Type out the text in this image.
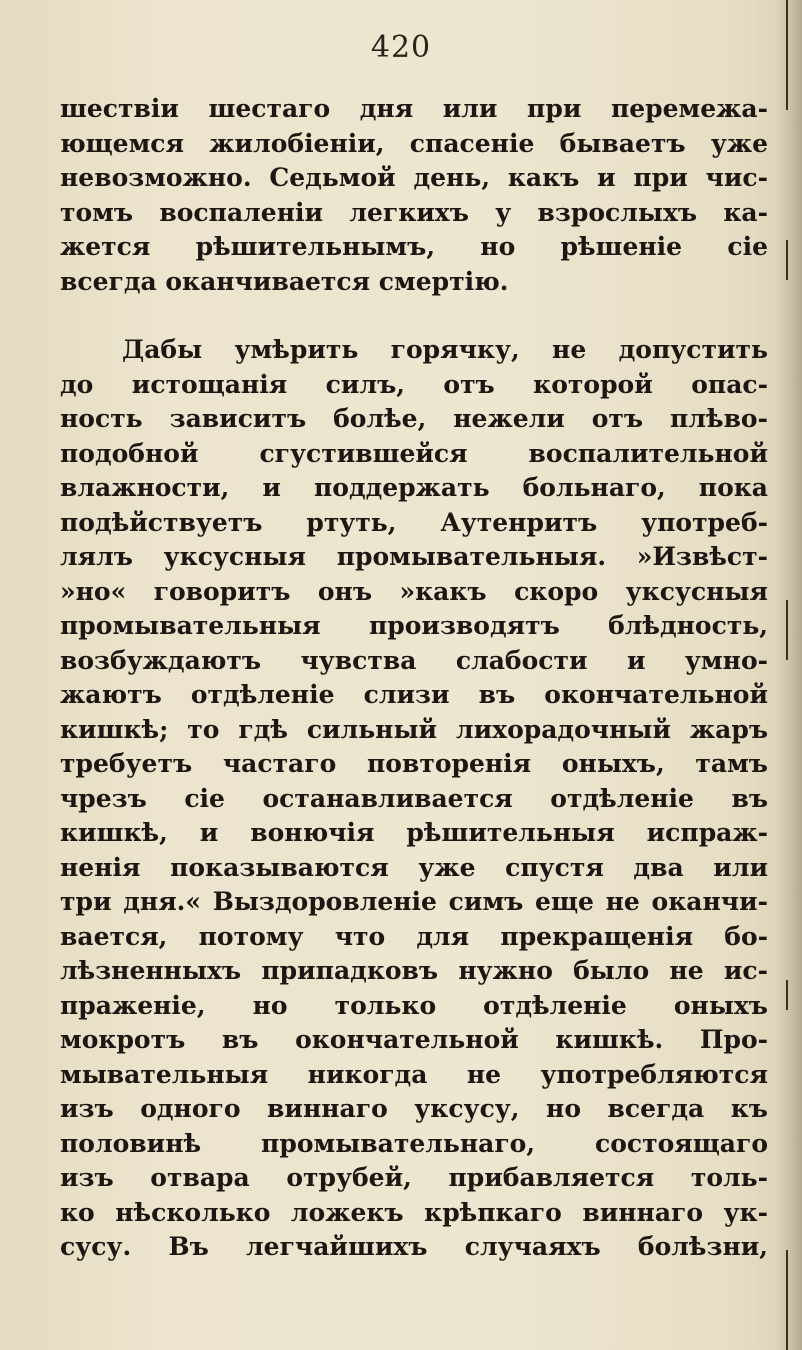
420
шествіи шестаго дня или при перемежа-
ющемся жилобіеніи, спасеніе бываетъ уже
невозможно. Седьмой день, какъ и при чис-
томъ воспаленіи легкихъ у взрослыхъ ка-
жется рѣшительнымъ, но рѣшеніе сіе
всегда оканчивается смертію.
Дабы умѣрить горячку, не допустить
до истощанія силъ, отъ которой опас-
ность зависитъ болѣе, нежели отъ плѣво-
подобной сгустившейся воспалительной
влажности, и поддержать больнаго, пока
подѣйствуетъ ртуть, Аутенритъ употреб-
лялъ уксусныя промывательныя. »Извѣст-
»но« говоритъ онъ »какъ скоро уксусныя
промывательныя производятъ блѣдность,
возбуждаютъ чувства слабости и умно-
жаютъ отдѣленіе слизи въ окончательной
кишкѣ; то гдѣ сильный лихорадочный жаръ
требуетъ частаго повторенія оныхъ, тамъ
чрезъ сіе останавливается отдѣленіе въ
кишкѣ, и вонючія рѣшительныя испраж-
ненія показываются уже спустя два или
три дня.« Выздоровленіе симъ еще не оканчи-
вается, потому что для прекращенія бо-
лѣзненныхъ припадковъ нужно было не ис-
праженіе, но только отдѣленіе оныхъ
мокротъ въ окончательной кишкѣ. Про-
мывательныя никогда не употребляются
изъ одного виннаго уксусу, но всегда къ
половинѣ промывательнаго, состоящаго
изъ отвара отрубей, прибавляется толь-
ко нѣсколько ложекъ крѣпкаго виннаго ук-
сусу. Въ легчайшихъ случаяхъ болѣзни,
